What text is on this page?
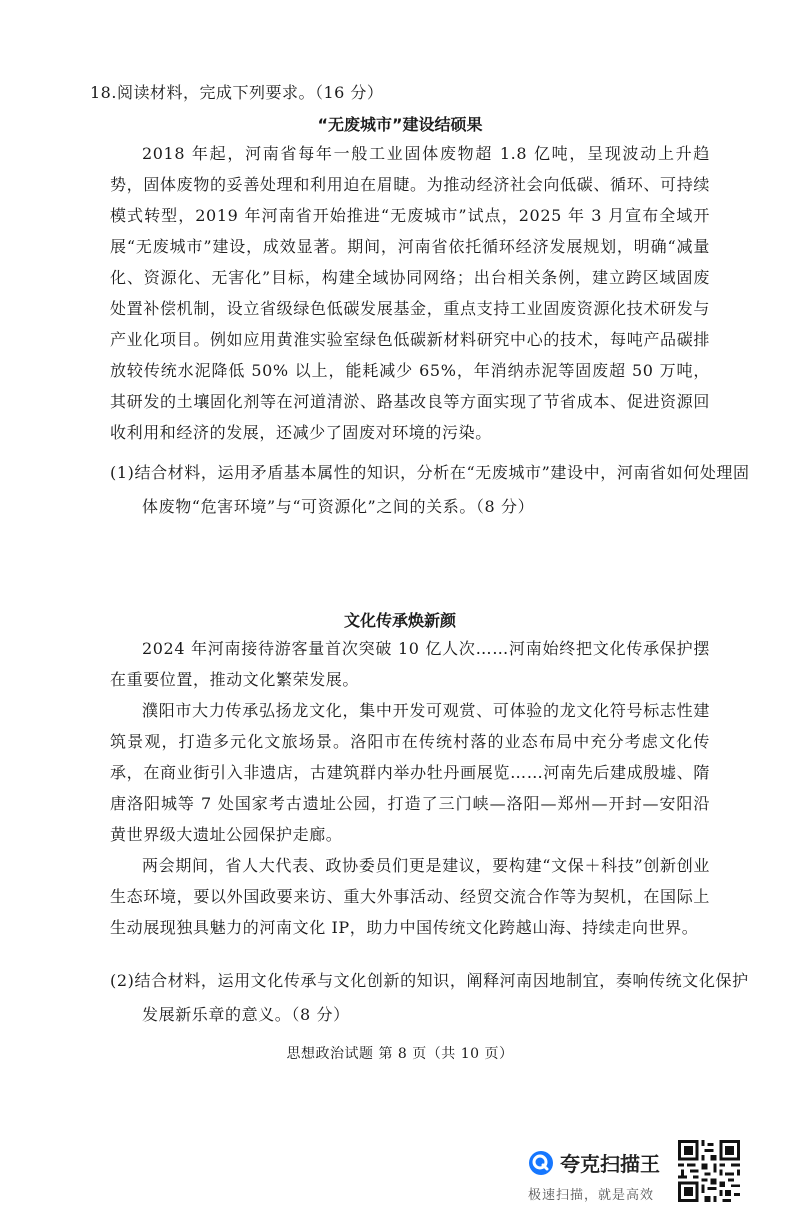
18.阅读材料，完成下列要求。（16 分）
“无废城市”建设结硕果

2018 年起，河南省每年一般工业固体废物超 1.8 亿吨，呈现波动上升趋势，固体废物的妥善处理和利用迫在眉睫。为推动经济社会向低碳、循环、可持续模式转型，2019 年河南省开始推进“无废城市”试点，2025 年 3 月宣布全域开展“无废城市”建设，成效显著。期间，河南省依托循环经济发展规划，明确“减量化、资源化、无害化”目标，构建全域协同网络；出台相关条例，建立跨区域固废处置补偿机制，设立省级绿色低碳发展基金，重点支持工业固废资源化技术研发与产业化项目。例如应用黄淮实验室绿色低碳新材料研究中心的技术，每吨产品碳排放较传统水泥降低 50% 以上，能耗减少 65%，年消纳赤泥等固废超 50 万吨，其研发的土壤固化剂等在河道清淤、路基改良等方面实现了节省成本、促进资源回收利用和经济的发展，还减少了固废对环境的污染。

(1)结合材料，运用矛盾基本属性的知识，分析在“无废城市”建设中，河南省如何处理固体废物“危害环境”与“可资源化”之间的关系。（8 分）

文化传承焕新颜

2024 年河南接待游客量首次突破 10 亿人次……河南始终把文化传承保护摆在重要位置，推动文化繁荣发展。

濮阳市大力传承弘扬龙文化，集中开发可观赏、可体验的龙文化符号标志性建筑景观，打造多元化文旅场景。洛阳市在传统村落的业态布局中充分考虑文化传承，在商业街引入非遗店，古建筑群内举办牡丹画展览……河南先后建成殷墟、隋唐洛阳城等 7 处国家考古遗址公园，打造了三门峡—洛阳—郑州—开封—安阳沿黄世界级大遗址公园保护走廊。

两会期间，省人大代表、政协委员们更是建议，要构建“文保＋科技”创新创业生态环境，要以外国政要来访、重大外事活动、经贸交流合作等为契机，在国际上生动展现独具魅力的河南文化 IP，助力中国传统文化跨越山海、持续走向世界。

(2)结合材料，运用文化传承与文化创新的知识，阐释河南因地制宜，奏响传统文化保护发展新乐章的意义。（8 分）

思想政治试题 第 8 页（共 10 页）
夸克扫描王
极速扫描，就是高效
